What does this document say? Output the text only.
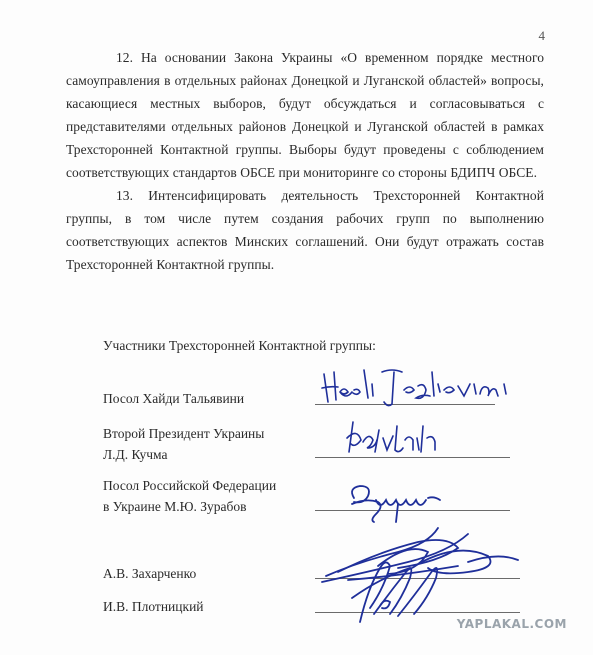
4

12. На основании Закона Украины «О временном порядке местного самоуправления в отдельных районах Донецкой и Луганской областей» вопросы, касающиеся местных выборов, будут обсуждаться и согласовываться с представителями отдельных районов Донецкой и Луганской областей в рамках Трехсторонней Контактной группы. Выборы будут проведены с соблюдением соответствующих стандартов ОБСЕ при мониторинге со стороны БДИПЧ ОБСЕ.

13. Интенсифицировать деятельность Трехсторонней Контактной группы, в том числе путем создания рабочих групп по выполнению соответствующих аспектов Минских соглашений. Они будут отражать состав Трехсторонней Контактной группы.

Участники Трехсторонней Контактной группы:
Посол Хайди Тальявини
Второй Президент Украины
Л.Д. Кучма
Посол Российской Федерации
в Украине М.Ю. Зурабов
А.В. Захарченко
И.В. Плотницкий
YAPLAKAL.COM
